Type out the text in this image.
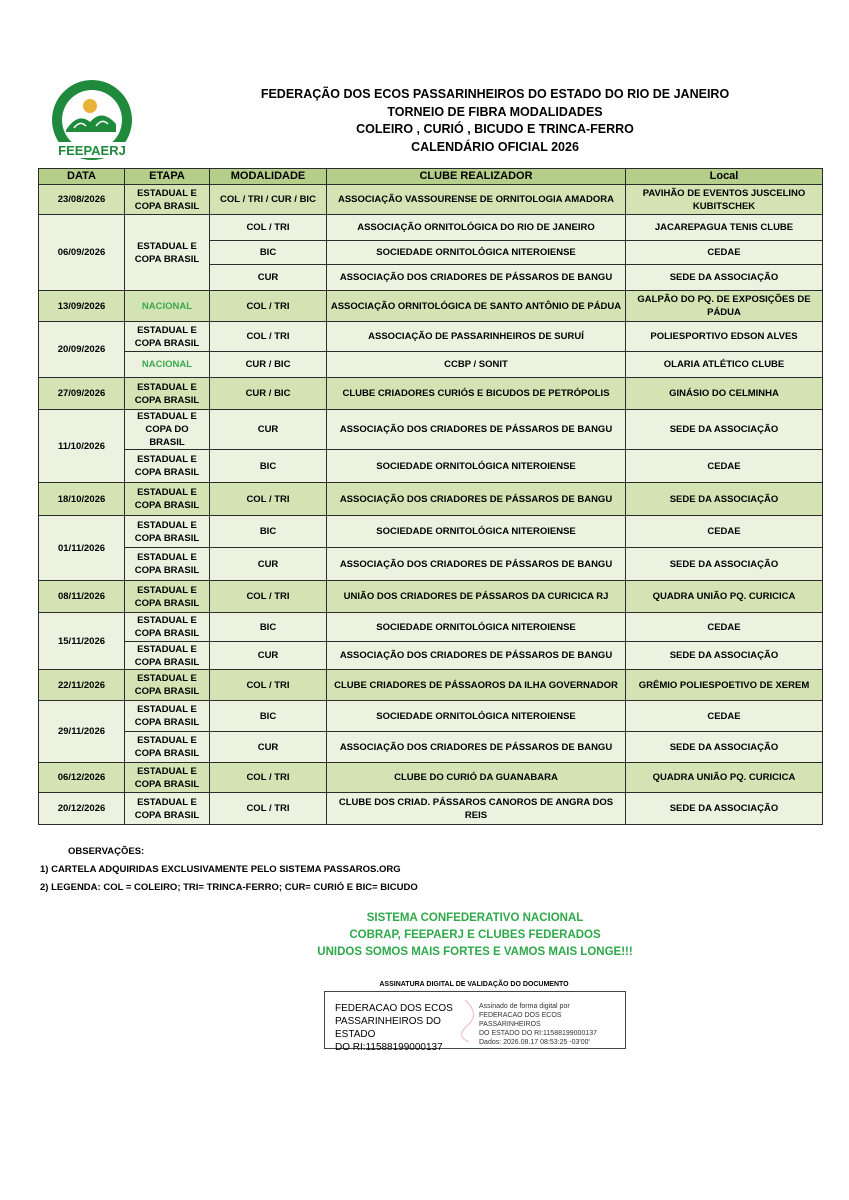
FEEPAERJ
FEDERAÇÃO DOS ECOS PASSARINHEIROS DO ESTADO DO RIO DE JANEIRO
TORNEIO DE FIBRA MODALIDADES
COLEIRO , CURIÓ , BICUDO E TRINCA-FERRO
CALENDÁRIO OFICIAL 2026
DATA	ETAPA	MODALIDADE	CLUBE REALIZADOR	Local
23/08/2026	ESTADUAL E COPA BRASIL	COL / TRI / CUR / BIC	ASSOCIAÇÃO VASSOURENSE DE ORNITOLOGIA AMADORA	PAVIHÃO DE EVENTOS JUSCELINO KUBITSCHEK
06/09/2026	ESTADUAL E COPA BRASIL	COL / TRI	ASSOCIAÇÃO ORNITOLÓGICA DO RIO DE JANEIRO	JACAREPAGUA TENIS CLUBE
		BIC	SOCIEDADE ORNITOLÓGICA NITEROIENSE	CEDAE
		CUR	ASSOCIAÇÃO DOS CRIADORES DE PÁSSAROS DE BANGU	SEDE DA ASSOCIAÇÃO
13/09/2026	NACIONAL	COL / TRI	ASSOCIAÇÃO ORNITOLÓGICA DE SANTO ANTÔNIO DE PÁDUA	GALPÃO DO PQ. DE EXPOSIÇÕES DE PÁDUA
20/09/2026	ESTADUAL E COPA BRASIL	COL / TRI	ASSOCIAÇÃO DE PASSARINHEIROS DE SURUÍ	POLIESPORTIVO EDSON ALVES
	NACIONAL	CUR / BIC	CCBP / SONIT	OLARIA ATLÉTICO CLUBE
27/09/2026	ESTADUAL E COPA BRASIL	CUR / BIC	CLUBE CRIADORES CURIÓS E BICUDOS DE PETRÓPOLIS	GINÁSIO DO CELMINHA
11/10/2026	ESTADUAL E COPA DO BRASIL	CUR	ASSOCIAÇÃO DOS CRIADORES DE PÁSSAROS DE BANGU	SEDE DA ASSOCIAÇÃO
	ESTADUAL E COPA BRASIL	BIC	SOCIEDADE ORNITOLÓGICA NITEROIENSE	CEDAE
18/10/2026	ESTADUAL E COPA BRASIL	COL / TRI	ASSOCIAÇÃO DOS CRIADORES DE PÁSSAROS DE BANGU	SEDE DA ASSOCIAÇÃO
01/11/2026	ESTADUAL E COPA BRASIL	BIC	SOCIEDADE ORNITOLÓGICA NITEROIENSE	CEDAE
	ESTADUAL E COPA BRASIL	CUR	ASSOCIAÇÃO DOS CRIADORES DE PÁSSAROS DE BANGU	SEDE DA ASSOCIAÇÃO
08/11/2026	ESTADUAL E COPA BRASIL	COL / TRI	UNIÃO DOS CRIADORES DE PÁSSAROS DA CURICICA RJ	QUADRA UNIÃO PQ. CURICICA
15/11/2026	ESTADUAL E COPA BRASIL	BIC	SOCIEDADE ORNITOLÓGICA NITEROIENSE	CEDAE
	ESTADUAL E COPA BRASIL	CUR	ASSOCIAÇÃO DOS CRIADORES DE PÁSSAROS DE BANGU	SEDE DA ASSOCIAÇÃO
22/11/2026	ESTADUAL E COPA BRASIL	COL / TRI	CLUBE CRIADORES DE PÁSSAOROS DA ILHA GOVERNADOR	GRÊMIO POLIESPOETIVO DE XEREM
29/11/2026	ESTADUAL E COPA BRASIL	BIC	SOCIEDADE ORNITOLÓGICA NITEROIENSE	CEDAE
	ESTADUAL E COPA BRASIL	CUR	ASSOCIAÇÃO DOS CRIADORES DE PÁSSAROS DE BANGU	SEDE DA ASSOCIAÇÃO
06/12/2026	ESTADUAL E COPA BRASIL	COL / TRI	CLUBE DO CURIÓ DA GUANABARA	QUADRA UNIÃO PQ. CURICICA
20/12/2026	ESTADUAL E COPA BRASIL	COL / TRI	CLUBE DOS CRIAD. PÁSSAROS CANOROS DE ANGRA DOS REIS	SEDE DA ASSOCIAÇÃO
OBSERVAÇÕES:
1) CARTELA ADQUIRIDAS EXCLUSIVAMENTE PELO SISTEMA PASSAROS.ORG
2) LEGENDA: COL = COLEIRO; TRI= TRINCA-FERRO; CUR= CURIÓ E BIC= BICUDO
SISTEMA CONFEDERATIVO NACIONAL
COBRAP, FEEPAERJ E CLUBES FEDERADOS
UNIDOS SOMOS MAIS FORTES E VAMOS MAIS LONGE!!!
ASSINATURA DIGITAL DE VALIDAÇÃO DO DOCUMENTO
FEDERACAO DOS ECOS
PASSARINHEIROS DO ESTADO
DO RI:11588199000137
Assinado de forma digital por
FEDERACAO DOS ECOS PASSARINHEIROS
DO ESTADO DO RI:11588199000137
Dados: 2026.08.17 08:53:25 -03'00'
